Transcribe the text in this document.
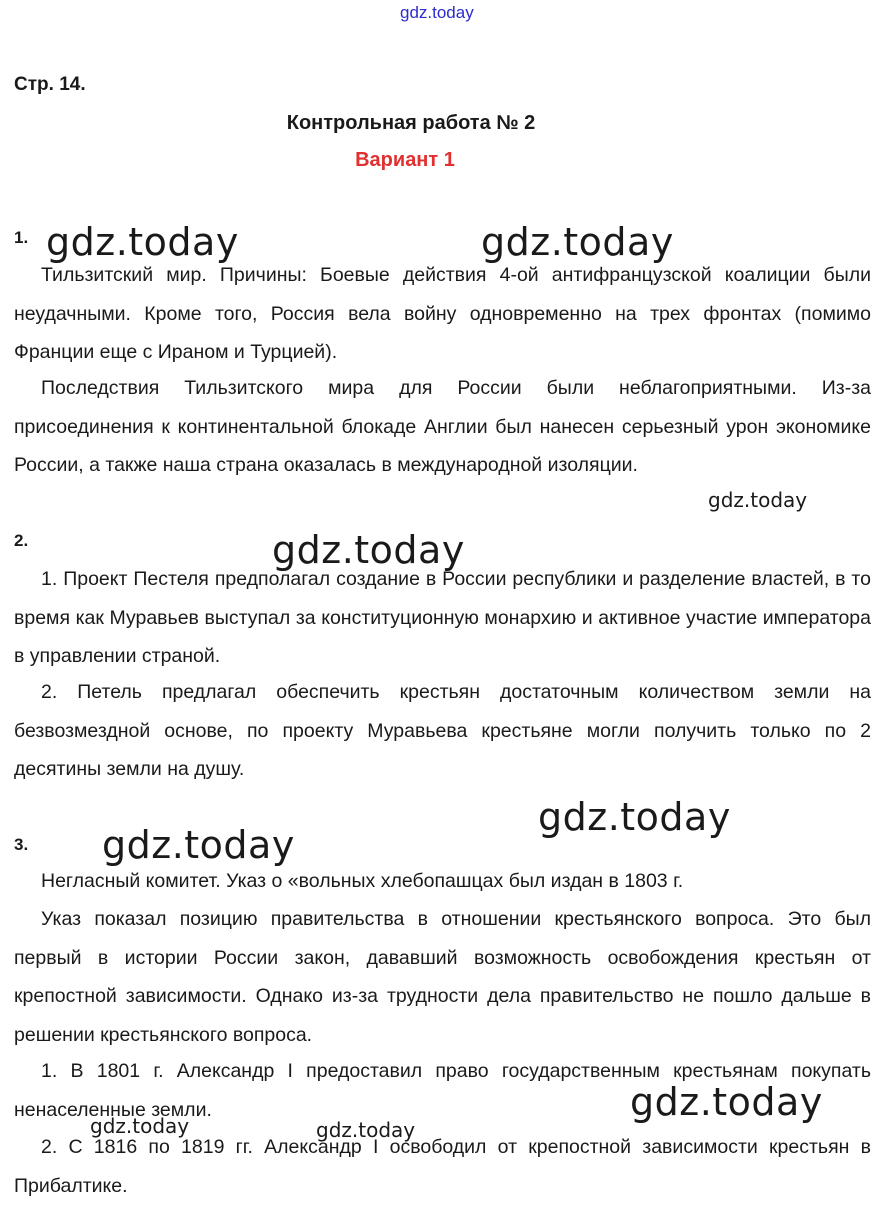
gdz.today
Стр. 14.
Контрольная работа № 2
Вариант 1
1.
Тильзитский мир. Причины: Боевые действия 4-ой антифранцузской коалиции были неудачными. Кроме того, Россия вела войну одновременно на трех фронтах (помимо Франции еще с Ираном и Турцией).
Последствия Тильзитского мира для России были неблагоприятными. Из-за присоединения к континентальной блокаде Англии был нанесен серьезный урон экономике России, а также наша страна оказалась в международной изоляции.
2.
1. Проект Пестеля предполагал создание в России республики и разделение властей, в то время как Муравьев выступал за конституционную монархию и активное участие императора в управлении страной.
2. Петель предлагал обеспечить крестьян достаточным количеством земли на безвозмездной основе, по проекту Муравьева крестьяне могли получить только по 2 десятины земли на душу.
3.
Негласный комитет. Указ о «вольных хлебопашцах был издан в 1803 г.
Указ показал позицию правительства в отношении крестьянского вопроса. Это был первый в истории России закон, дававший возможность освобождения крестьян от крепостной зависимости. Однако из-за трудности дела правительство не пошло дальше в решении крестьянского вопроса.
1. В 1801 г. Александр I предоставил право государственным крестьянам покупать ненаселенные земли.
2. С 1816 по 1819 гг. Александр I освободил от крепостной зависимости крестьян в Прибалтике.
gdz.today	gdz.today
gdz.today
gdz.today
gdz.today
gdz.today
gdz.today
gdz.today	gdz.today
